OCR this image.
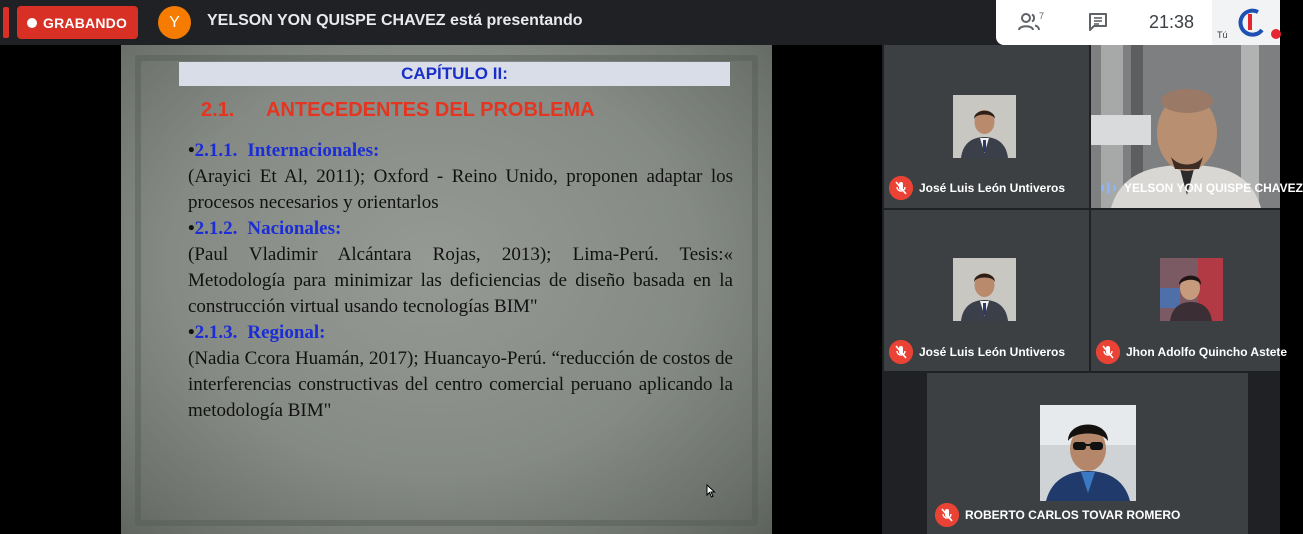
GRABANDO	Y	YELSON YON QUISPE CHAVEZ está presentando	7	21:38
Tú
CAPÍTULO II:
2.1. ANTECEDENTES DEL PROBLEMA
•2.1.1. Internacionales:

(Arayici Et Al, 2011); Oxford - Reino Unido, proponen adaptar los procesos necesarios y orientarlos

•2.1.2. Nacionales:

(Paul Vladimir Alcántara Rojas, 2013); Lima-Perú. Tesis:« Metodología para minimizar las deficiencias de diseño basada en la construcción virtual usando tecnologías BIM"

•2.1.3. Regional:

(Nadia Ccora Huamán, 2017); Huancayo-Perú. “reducción de costos de interferencias constructivas del centro comercial peruano aplicando la metodología BIM"

José Luis León Untiveros	YELSON YON QUISPE CHAVEZ
José Luis León Untiveros	Jhon Adolfo Quincho Astete
ROBERTO CARLOS TOVAR ROMERO
